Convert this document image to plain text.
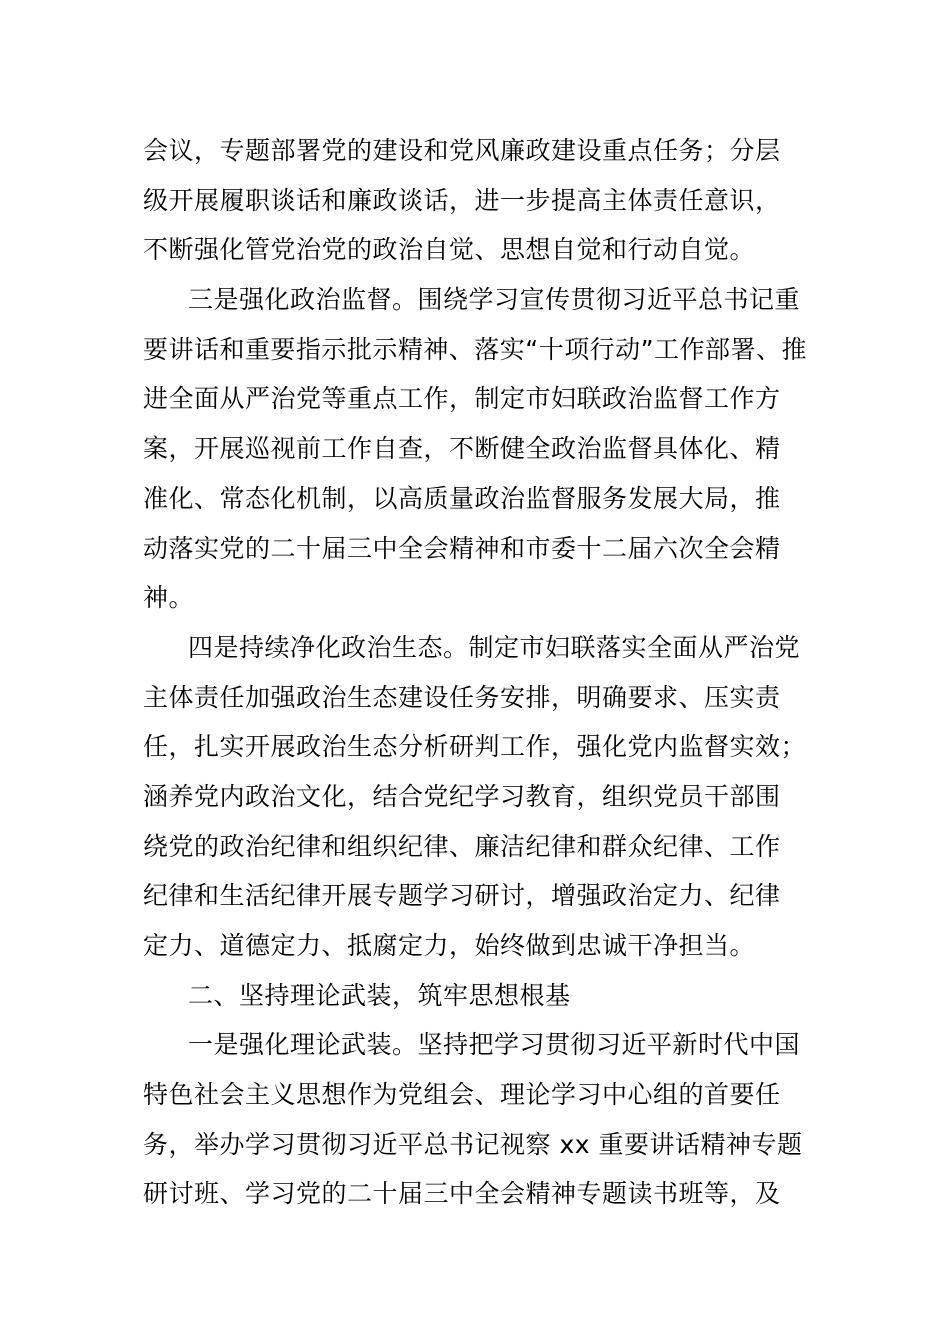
会议，专题部署党的建设和党风廉政建设重点任务；分层
级开展履职谈话和廉政谈话，进一步提高主体责任意识，
不断强化管党治党的政治自觉、思想自觉和行动自觉。
三是强化政治监督。围绕学习宣传贯彻习近平总书记重
要讲话和重要指示批示精神、落实“十项行动”工作部署、推
进全面从严治党等重点工作，制定市妇联政治监督工作方
案，开展巡视前工作自查，不断健全政治监督具体化、精
准化、常态化机制，以高质量政治监督服务发展大局，推
动落实党的二十届三中全会精神和市委十二届六次全会精
神。
四是持续净化政治生态。制定市妇联落实全面从严治党
主体责任加强政治生态建设任务安排，明确要求、压实责
任，扎实开展政治生态分析研判工作，强化党内监督实效；
涵养党内政治文化，结合党纪学习教育，组织党员干部围
绕党的政治纪律和组织纪律、廉洁纪律和群众纪律、工作
纪律和生活纪律开展专题学习研讨，增强政治定力、纪律
定力、道德定力、抵腐定力，始终做到忠诚干净担当。
二、坚持理论武装，筑牢思想根基
一是强化理论武装。坚持把学习贯彻习近平新时代中国
特色社会主义思想作为党组会、理论学习中心组的首要任
务，举办学习贯彻习近平总书记视察 xx 重要讲话精神专题
研讨班、学习党的二十届三中全会精神专题读书班等，及
